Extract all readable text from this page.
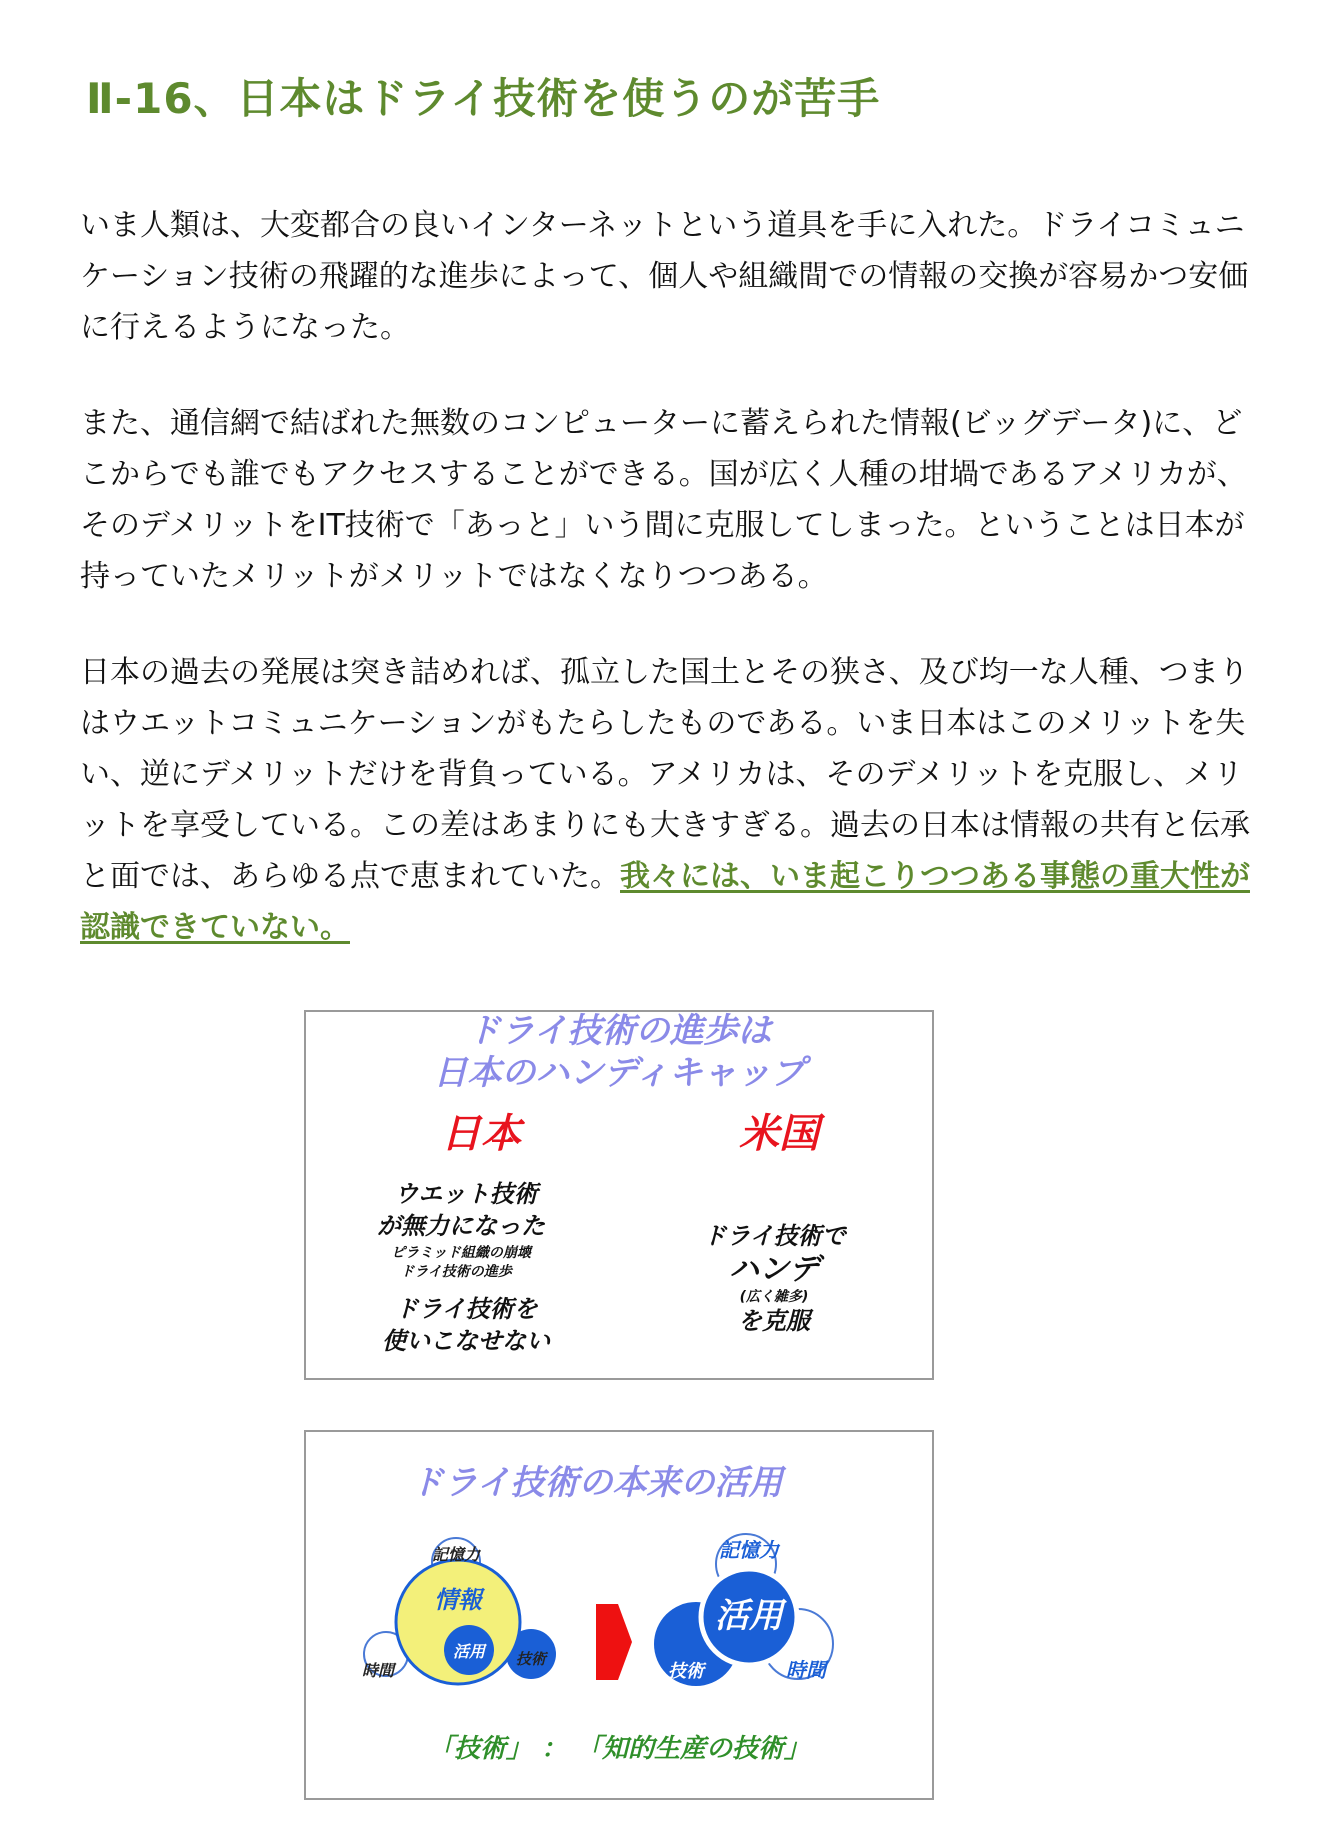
Ⅱ-16、日本はドライ技術を使うのが苦手

いま人類は、大変都合の良いインターネットという道具を手に入れた。ドライコミュニケーション技術の飛躍的な進歩によって、個人や組織間での情報の交換が容易かつ安価に行えるようになった。

また、通信網で結ばれた無数のコンピューターに蓄えられた情報(ビッグデータ)に、どこからでも誰でもアクセスすることができる。国が広く人種の坩堝であるアメリカが、そのデメリットをIT技術で「あっと」いう間に克服してしまった。ということは日本が持っていたメリットがメリットではなくなりつつある。

日本の過去の発展は突き詰めれば、孤立した国土とその狭さ、及び均一な人種、つまりはウエットコミュニケーションがもたらしたものである。いま日本はこのメリットを失い、逆にデメリットだけを背負っている。アメリカは、そのデメリットを克服し、メリットを享受している。この差はあまりにも大きすぎる。過去の日本は情報の共有と伝承と面では、あらゆる点で恵まれていた。我々には、いま起こりつつある事態の重大性が認識できていない。

ドライ技術の進歩は
日本のハンディキャップ
日本	米国
ウエット技術
が無力になった
ピラミッド組織の崩壊
ドライ技術の進歩
ドライ技術を
使いこなせない
ドライ技術で
ハンデ
(広く雑多)
を克服
ドライ技術の本来の活用
記憶力
情報
活用
時間
技術
記憶力
活用
技術	時間
「技術」 ： 「知的生産の技術」
